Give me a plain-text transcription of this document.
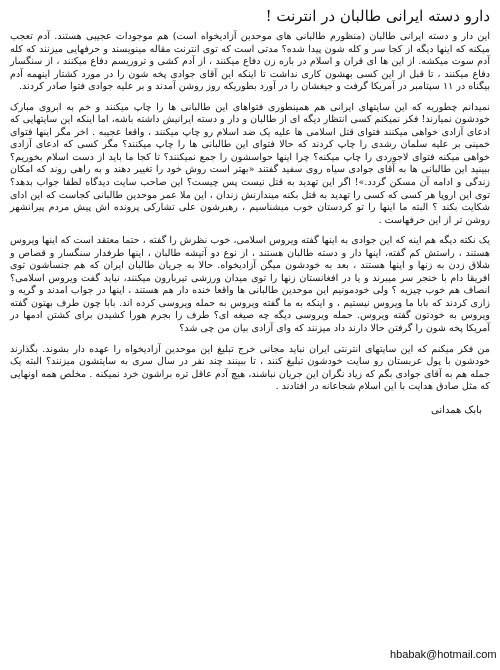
دارو دسته ایرانی طالبان در انترنت !

این دار و دسته ایرانی طالبان (منظورم طالبانی های موحدین آزادیخواه است) هم موجودات عجیبی هستند. آدم تعجب میکنه که اینها دیگه از کجا سر و کله شون پیدا شده؟ مدتی است که توی انترنت مقاله مینویسند و حرفهایی میزنند که کله آدم سوت میکشه. از این ها ای قران و اسلام در باره زن دفاع میکنند ، از آدم کشی و تروریسم دفاع میکنند ، از سنگسار دفاع میکنند ، تا قبل از این کسی بهشون کاری نداشت تا اینکه این آقای جوادی پخه شون را در مورد کشتار اینهمه آدم بیگناه در ۱۱ سپتامبر در آمریکا گرفت و جیغشان را در آورد بطوریکه روز روشن آمدند و بر علیه جوادی فتوا صادر کردند.

نمیدانم چطوریه که این سایتهای ایرانی هم همینطوری فتواهای این طالبانی ها را چاپ میکنند و خم به ابروی مبارک خودشون نمیارند! فکر نمیکنم کسی انتظار دیگه ای از طالبان و دار و دسته ایرانیش داشته باشه، اما اینکه این سایتهایی که ادعای آزادی خواهی میکنند فتوای قتل اسلامی ها علیه یک ضد اسلام رو چاپ میکنند ، واقعا عجیبه . اخر مگر اینها فتوای خمینی بر علیه سلمان رشدی را چاپ کردند که حالا فتوای این طالبانی ها را چاپ میکنند؟ مگر کسی که ادعای آزادی خواهی میکنه فتوای لاجوردی را چاپ میکنه؟ چرا اینها حواسشون را جمع نمیکنند؟ تا کجا ما باید از دست اسلام بخوریم؟ ببینید این طالبانی ها به آقای جوادی سیاه روی سفید گفتند «بهتر است روش خود را تغییر دهند و به راهی روند که امکان زندگی و ادامه آن مسکن گردد.»! اگر این تهدید به قتل نیست پس چیست؟ این صاحب سایت دیدگاه لطفا جواب بدهد؟ توی این اروپا هر کسی که کسی را تهدید به قتل بکنه میندازنش زندان ، این ملا عمر موحدین طالبانی کجاست که این ادای شکایت بکند ؟ البته ما اینها را تو کردستان خوب میشناسیم ، رهبرشون علی تشارکی پرونده اش پیش مردم پیرانشهر روشن تر از این حرفهاست .

یک نکته دیگه هم اینه که این جوادی به اینها گفته ویروس اسلامی، خوب نظرش را گفته ، حتما معتقد است که اینها ویروس هستند ، راستش کم گفته، اینها دار و دسته طالبان هستند ، از نوع دو آتیشه طالبان ، اینها طرفدار سنگسار و قصاص و شلاق زدن به زنها و اینها هستند ، بعد به خودشون میگن آزادیخواه. حالا به جریان طالبان ایران که هم جنساشون توی افریقا دام با خنجر سر میبرند و یا در افغانستان زنها را توی میدان ورزشی تیربارون میکنند، نباید گفت ویروس اسلامی؟ انصاف هم خوب چیزیه ؟ ولی خودمونیم این موحدین طالبانی ها واقعا خنده دار هم هستند ، اینها در جواب امدند و گریه و زاری کردند که بابا ما ویروس نیستیم ، و اینکه به ما گفته ویروس به حمله ویروسی کرده اند. بابا چون طرف بهتون گفته ویروس به خودتون گفته ویروس. حمله ویروسی دیگه چه صیغه ای؟ طرف را بجرم هورا کشیدن برای کشتن ادمها در آمریکا پخه شون را گرفتن حالا دارند داد میزنند که وای آزادی بیان من چی شد؟

من فکر میکنم که این سایتهای انترنتی ایران نباید مجانی خرج تبلیغ این موحدین آزادیخواه را عهده دار بشوند. بگذارند خودشون با پول عربستان رو سایت خودشون تبلیغ کنند ، تا ببینند چند نفر در سال سری به سایتشون میزنند؟ البته یک جمله هم به آقای جوادی بگم که زیاد نگران این جریان نباشند، هیچ آدم عاقل تره براشون خرد نمیکنه . مخلص همه اونهایی که مثل صادق هدایت با این اسلام شجاعانه در افتادند .

بابک همدانی

hbabak@hotmail.com
